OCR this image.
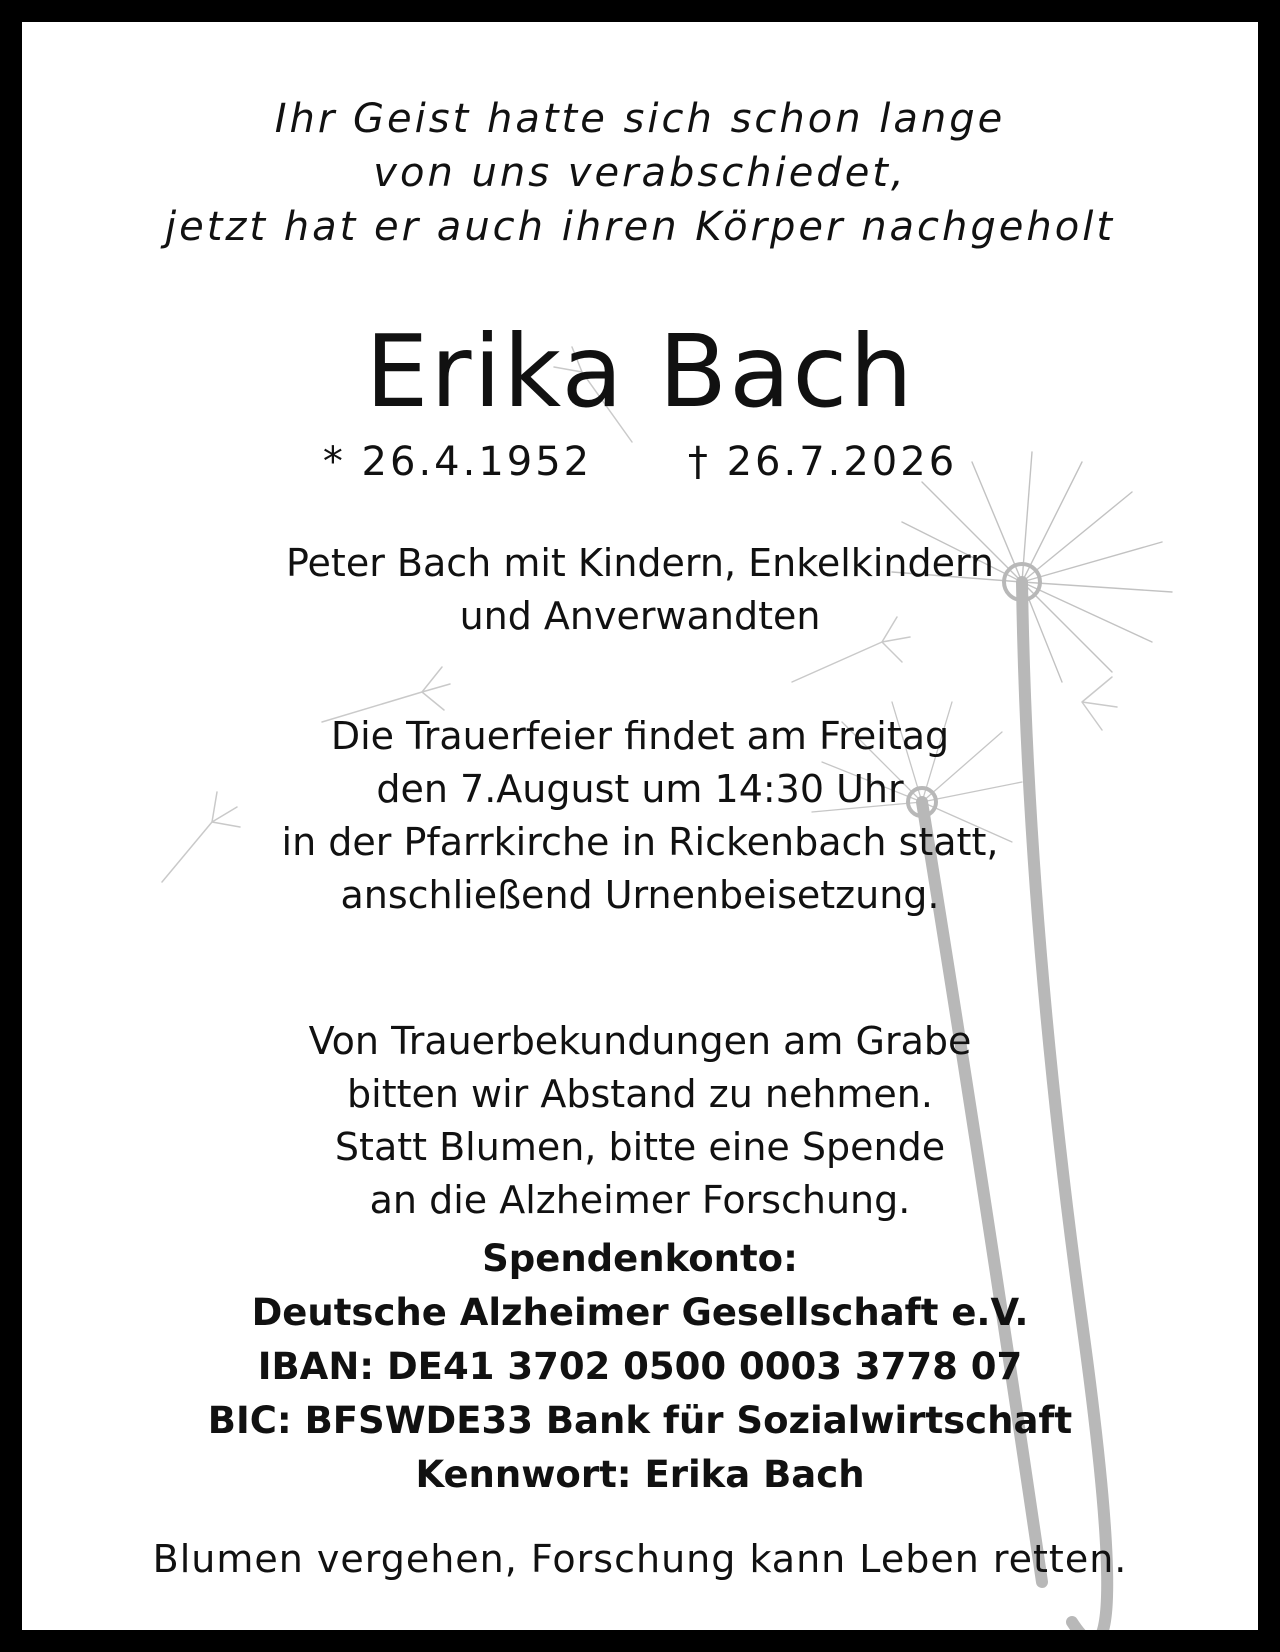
Ihr Geist hatte sich schon lange

von uns verabschiedet,

jetzt hat er auch ihren Körper nachgeholt

Erika Bach
* 26.4.1952 † 26.7.2026

Peter Bach mit Kindern, Enkelkindern

und Anverwandten

Die Trauerfeier findet am Freitag

den 7.August um 14:30 Uhr

in der Pfarrkirche in Rickenbach statt,

anschließend Urnenbeisetzung.

Von Trauerbekundungen am Grabe

bitten wir Abstand zu nehmen.

Statt Blumen, bitte eine Spende

an die Alzheimer Forschung.

Spendenkonto:

Deutsche Alzheimer Gesellschaft e.V.

IBAN: DE41 3702 0500 0003 3778 07

BIC: BFSWDE33 Bank für Sozialwirtschaft

Kennwort: Erika Bach

Blumen vergehen, Forschung kann Leben retten.
